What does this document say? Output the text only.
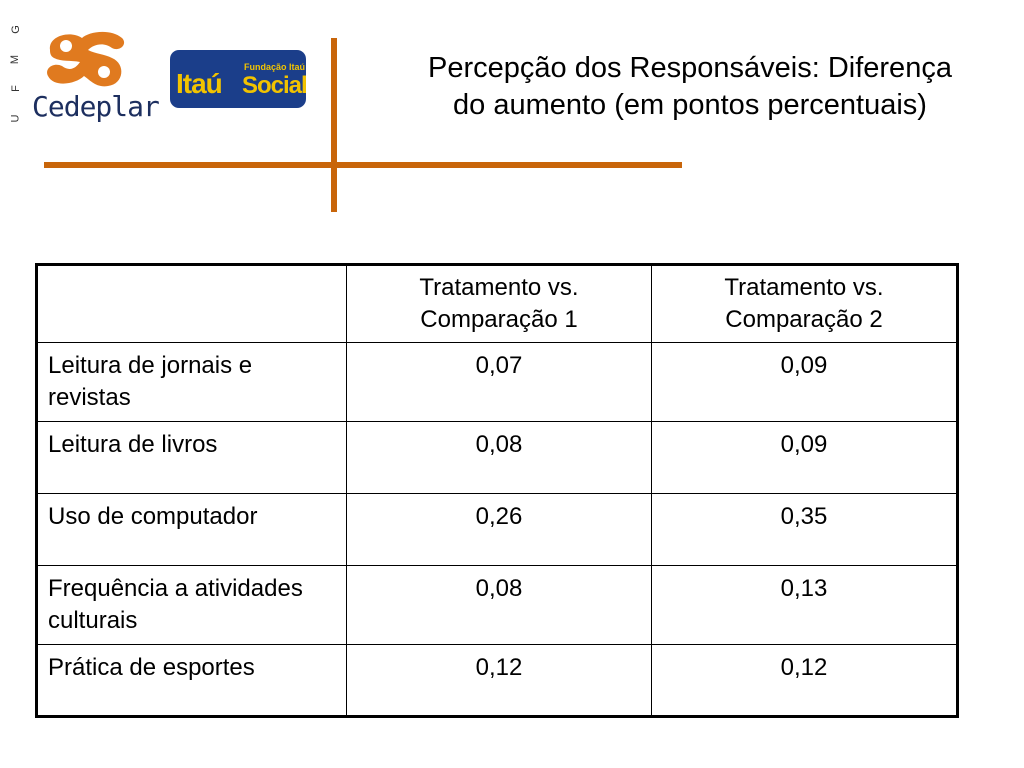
G
M
F
U Cedeplar
Itaú
Fundação Itaú
Social
Percepção dos Responsáveis: Diferença
do aumento (em pontos percentuais)
	Tratamento vs. Comparação 1	Tratamento vs. Comparação 2
Leitura de jornais e revistas	0,07	0,09
Leitura de livros	0,08	0,09
Uso de computador	0,26	0,35
Frequência a atividades culturais	0,08	0,13
Prática de esportes	0,12	0,12
